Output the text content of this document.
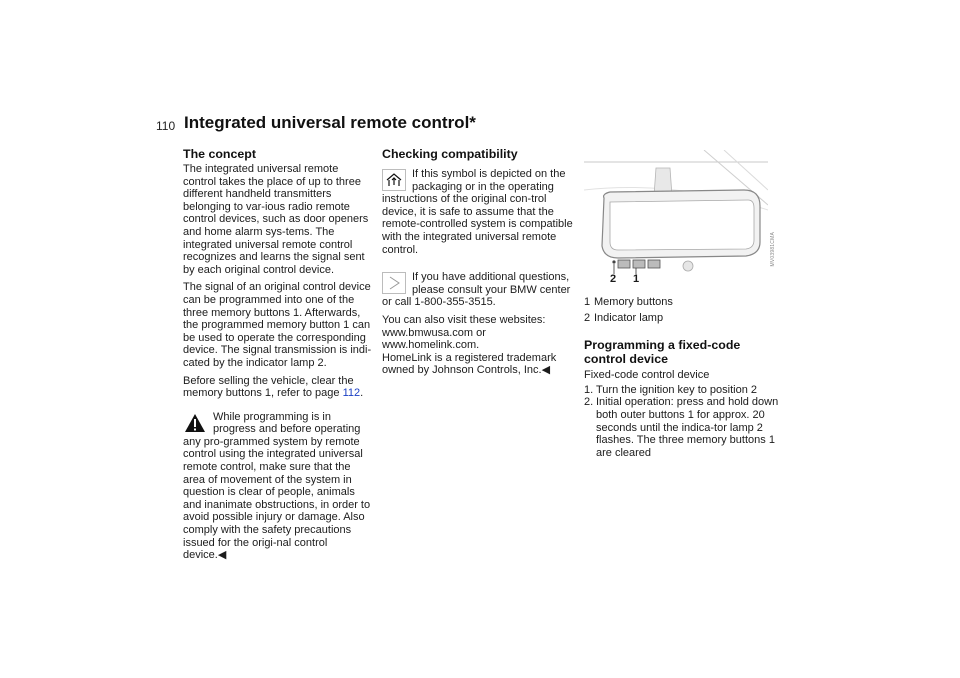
110 Integrated universal remote control*
The concept

The integrated universal remote control takes the place of up to three different handheld transmitters belonging to var-ious radio remote control devices, such as door openers and home alarm sys-tems. The integrated universal remote control recognizes and learns the signal sent by each original control device.

The signal of an original control device can be programmed into one of the three memory buttons 1. Afterwards, the programmed memory button 1 can be used to operate the corresponding device. The signal transmission is indi-cated by the indicator lamp 2.

Before selling the vehicle, clear the memory buttons 1, refer to page 112.

While programming is in progress and before operating any pro-grammed system by remote control using the integrated universal remote control, make sure that the area of movement of the system in question is clear of people, animals and inanimate obstructions, in order to avoid possible injury or damage. Also comply with the safety precautions issued for the origi-nal control device.◀

Checking compatibility

If this symbol is depicted on the packaging or in the operating instructions of the original con-trol device, it is safe to assume that the remote-controlled system is compatible with the integrated universal remote control.

If you have additional questions, please consult your BMW center or call 1-800-355-3515.

You can also visit these websites:

www.bmwusa.com or

www.homelink.com.

HomeLink is a registered trademark owned by Johnson Controls, Inc.◀

2 1
MV03981CMA
1 Memory buttons
2 Indicator lamp
Programming a fixed-code control device

Fixed-code control device

1. Turn the ignition key to position 2
2. Initial operation: press and hold down both outer buttons 1 for approx. 20 seconds until the indica-tor lamp 2 flashes. The three memory buttons 1 are cleared
